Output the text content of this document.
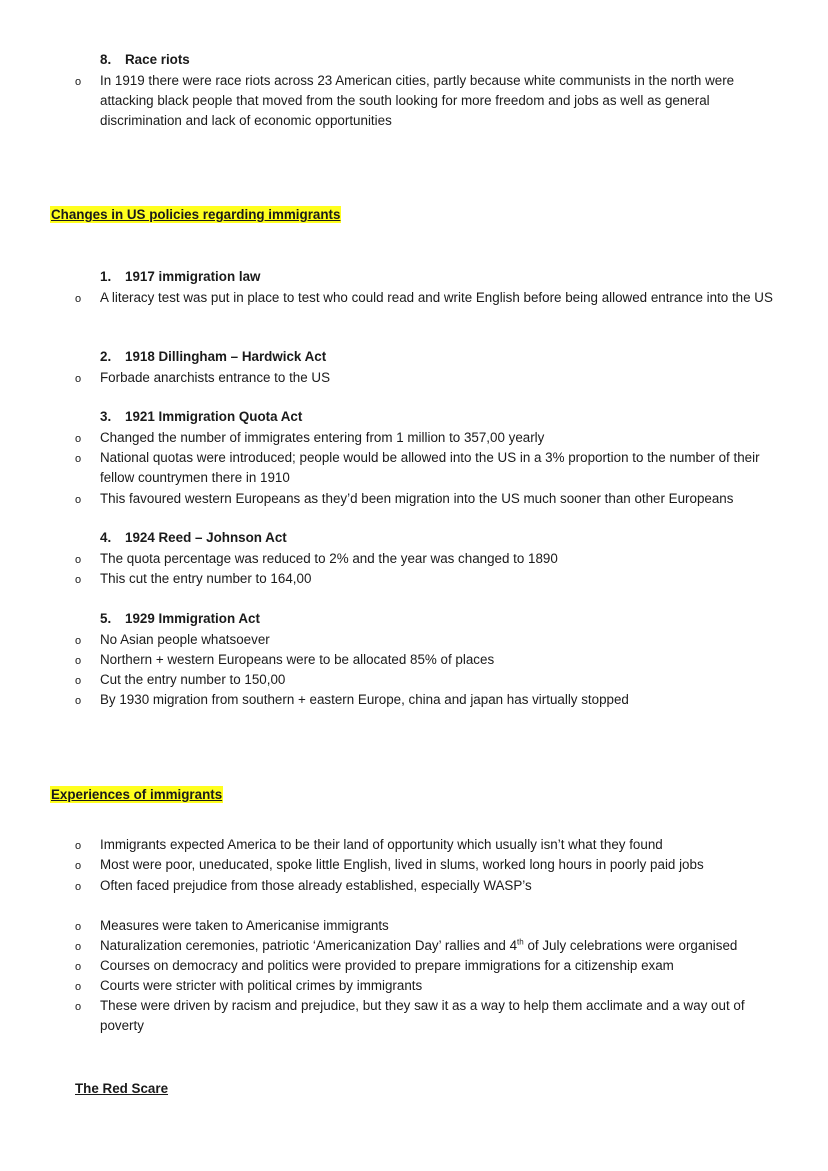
8. Race riots
o In 1919 there were race riots across 23 American cities, partly because white communists in the north were attacking black people that moved from the south looking for more freedom and jobs as well as general discrimination and lack of economic opportunities
Changes in US policies regarding immigrants
1. 1917 immigration law
o A literacy test was put in place to test who could read and write English before being allowed entrance into the US
2. 1918 Dillingham – Hardwick Act
o Forbade anarchists entrance to the US
3. 1921 Immigration Quota Act
o Changed the number of immigrates entering from 1 million to 357,00 yearly
o National quotas were introduced; people would be allowed into the US in a 3% proportion to the number of their fellow countrymen there in 1910
o This favoured western Europeans as they’d been migration into the US much sooner than other Europeans
4. 1924 Reed – Johnson Act
o The quota percentage was reduced to 2% and the year was changed to 1890
o This cut the entry number to 164,00
5. 1929 Immigration Act
o No Asian people whatsoever
o Northern + western Europeans were to be allocated 85% of places
o Cut the entry number to 150,00
o By 1930 migration from southern + eastern Europe, china and japan has virtually stopped
Experiences of immigrants
o Immigrants expected America to be their land of opportunity which usually isn’t what they found
o Most were poor, uneducated, spoke little English, lived in slums, worked long hours in poorly paid jobs
o Often faced prejudice from those already established, especially WASP’s
o Measures were taken to Americanise immigrants
o Naturalization ceremonies, patriotic ‘Americanization Day’ rallies and 4th of July celebrations were organised
o Courses on democracy and politics were provided to prepare immigrations for a citizenship exam
o Courts were stricter with political crimes by immigrants
o These were driven by racism and prejudice, but they saw it as a way to help them acclimate and a way out of poverty
The Red Scare
